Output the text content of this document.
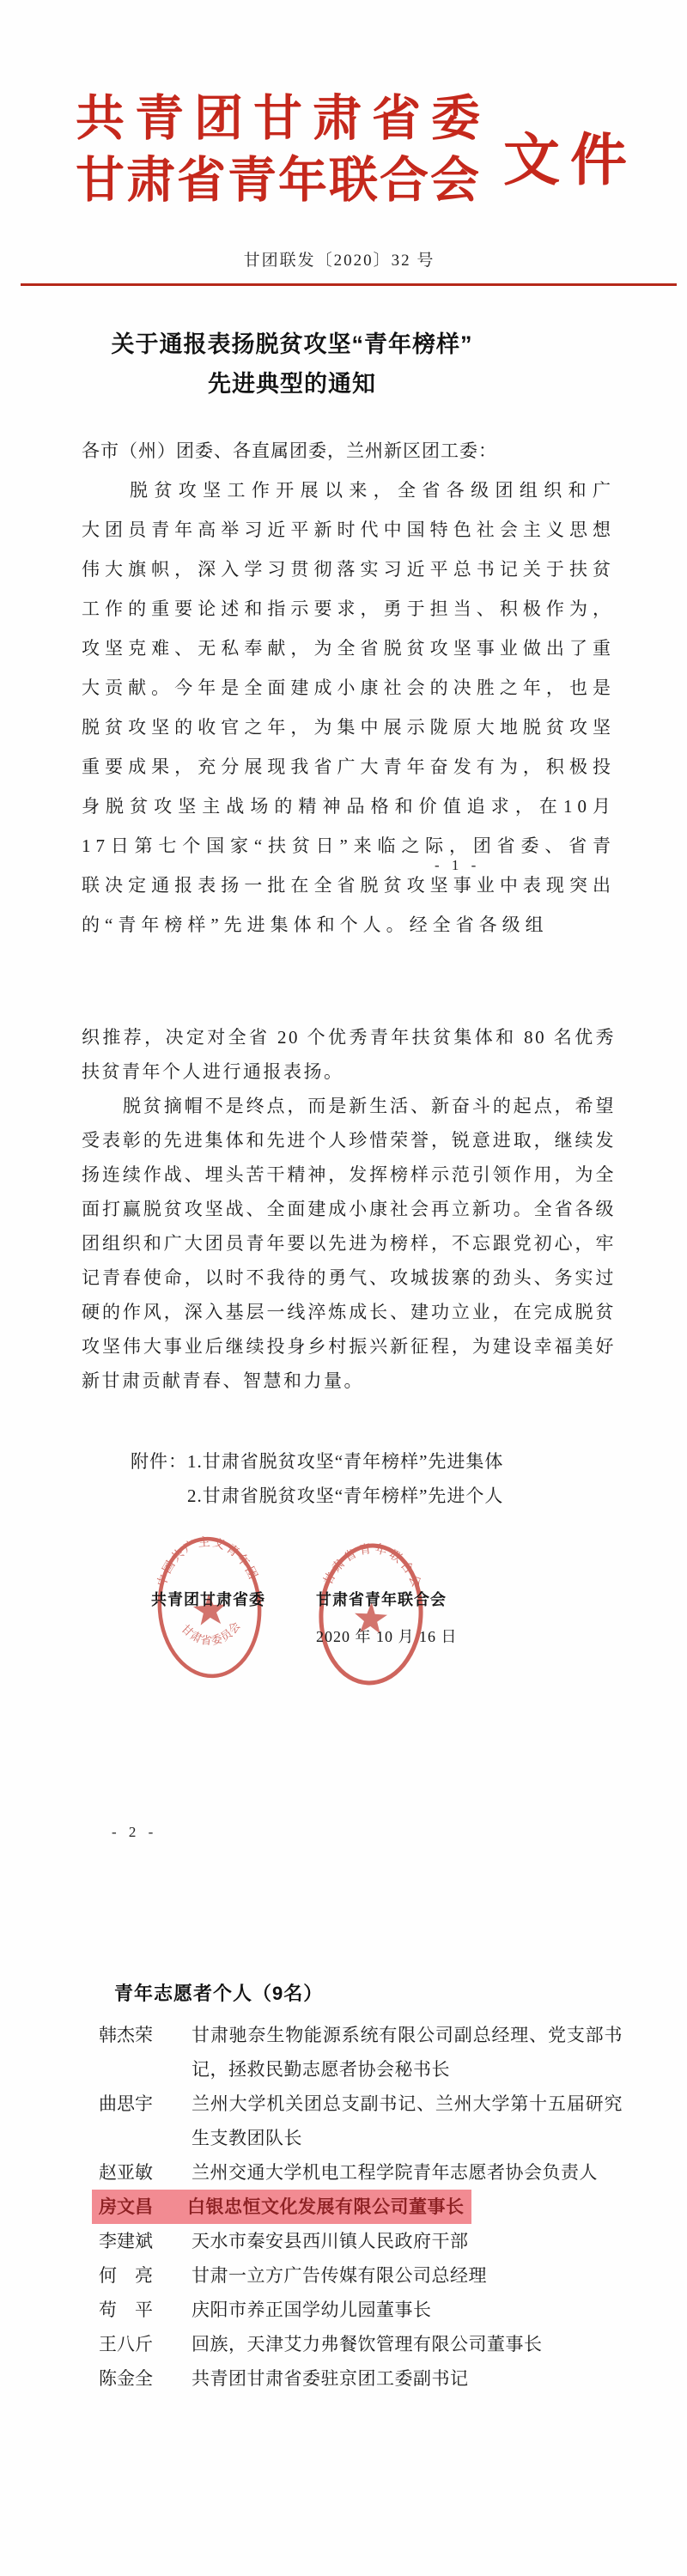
共青团甘肃省委
甘肃省青年联合会 文件
甘团联发〔2020〕32 号
关于通报表扬脱贫攻坚“青年榜样”
先进典型的通知

各市（州）团委、各直属团委，兰州新区团工委：

脱贫攻坚工作开展以来，全省各级团组织和广大团员青年高举习近平新时代中国特色社会主义思想伟大旗帜，深入学习贯彻落实习近平总书记关于扶贫工作的重要论述和指示要求，勇于担当、积极作为，攻坚克难、无私奉献，为全省脱贫攻坚事业做出了重大贡献。今年是全面建成小康社会的决胜之年，也是脱贫攻坚的收官之年，为集中展示陇原大地脱贫攻坚重要成果，充分展现我省广大青年奋发有为，积极投身脱贫攻坚主战场的精神品格和价值追求，在10月17日第七个国家“扶贫日”来临之际，团省委、省青联决定通报表扬一批在全省脱贫攻坚事业中表现突出的“青年榜样”先进集体和个人。经全省各级组

- 1 -

织推荐，决定对全省 20 个优秀青年扶贫集体和 80 名优秀扶贫青年个人进行通报表扬。

脱贫摘帽不是终点，而是新生活、新奋斗的起点，希望受表彰的先进集体和先进个人珍惜荣誉，锐意进取，继续发扬连续作战、埋头苦干精神，发挥榜样示范引领作用，为全面打赢脱贫攻坚战、全面建成小康社会再立新功。全省各级团组织和广大团员青年要以先进为榜样，不忘跟党初心，牢记青春使命，以时不我待的勇气、攻城拔寨的劲头、务实过硬的作风，深入基层一线淬炼成长、建功立业，在完成脱贫攻坚伟大事业后继续投身乡村振兴新征程，为建设幸福美好新甘肃贡献青春、智慧和力量。

附件： 1.甘肃省脱贫攻坚“青年榜样”先进集体
2.甘肃省脱贫攻坚“青年榜样”先进个人
中国共产主义青年团
甘肃省委员会
甘肃省青年联合会
共青团甘肃省委	甘肃省青年联合会
2020 年 10 月 16 日
- 2 -
青年志愿者个人（9名）
韩杰荣 甘肃驰奈生物能源系统有限公司副总经理、党支部书记，拯救民勤志愿者协会秘书长
曲思宇 兰州大学机关团总支副书记、兰州大学第十五届研究生支教团队长
赵亚敏 兰州交通大学机电工程学院青年志愿者协会负责人
房文昌 白银忠恒文化发展有限公司董事长
李建斌 天水市秦安县西川镇人民政府干部
何　亮 甘肃一立方广告传媒有限公司总经理
苟　平 庆阳市养正国学幼儿园董事长
王八斤 回族，天津艾力弗餐饮管理有限公司董事长
陈金全 共青团甘肃省委驻京团工委副书记
